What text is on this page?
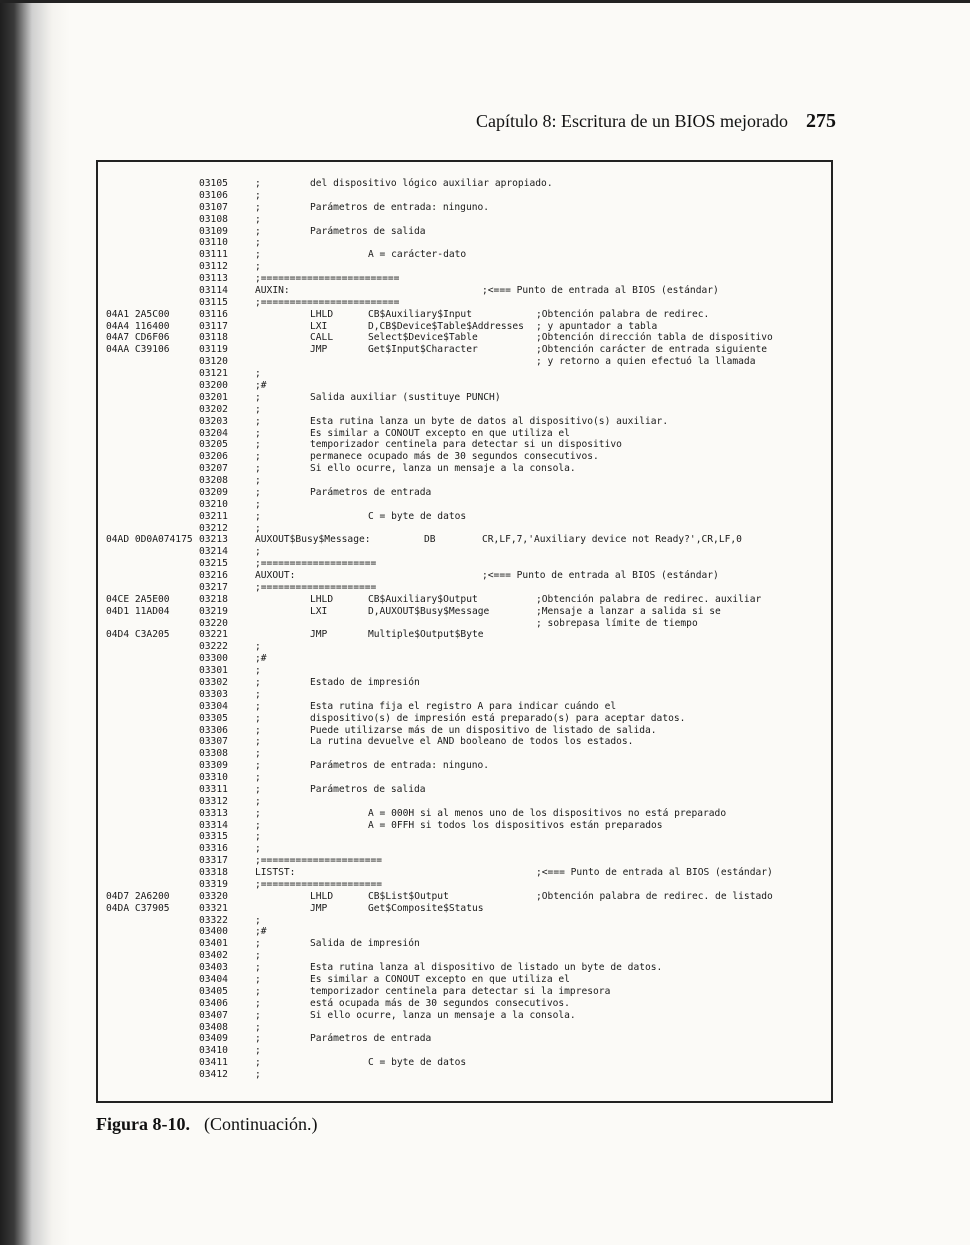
Capítulo 8: Escritura de un BIOS mejorado 275
03105	;	del dispositivo lógico auxiliar apropiado.
03106	;
03107	;	Parámetros de entrada: ninguno.
03108	;
03109	;	Parámetros de salida
03110	;
03111	;	A = carácter-dato
03112	;
03113	;========================
03114	AUXIN:	;<=== Punto de entrada al BIOS (estándar)
03115	;========================
04A1 2A5C00	03116	LHLD	CB$Auxiliary$Input	;Obtención palabra de redirec.
04A4 116400	03117	LXI	D,CB$Device$Table$Addresses ; y apuntador a tabla
04A7 CD6F06	03118	CALL	Select$Device$Table	;Obtención dirección tabla de dispositivo
04AA C39106	03119	JMP	Get$Input$Character	;Obtención carácter de entrada siguiente
03120	; y retorno a quien efectuó la llamada
03121	;
03200	;#
03201	;	Salida auxiliar (sustituye PUNCH)
03202	;
03203	;	Esta rutina lanza un byte de datos al dispositivo(s) auxiliar.
03204	;	Es similar a CONOUT excepto en que utiliza el
03205	;	temporizador centinela para detectar si un dispositivo
03206	;	permanece ocupado más de 30 segundos consecutivos.
03207	;	Si ello ocurre, lanza un mensaje a la consola.
03208	;
03209	;	Parámetros de entrada
03210	;
03211	;	C = byte de datos
03212	;
04AD 0D0A074175 03213	AUXOUT$Busy$Message:	DB	CR,LF,7,'Auxiliary device not Ready?',CR,LF,0
03214	;
03215	;====================
03216	AUXOUT:	;<=== Punto de entrada al BIOS (estándar)
03217	;====================
04CE 2A5E00	03218	LHLD	CB$Auxiliary$Output	;Obtención palabra de redirec. auxiliar
04D1 11AD04	03219	LXI	D,AUXOUT$Busy$Message	;Mensaje a lanzar a salida si se
03220	; sobrepasa límite de tiempo
04D4 C3A205	03221	JMP	Multiple$Output$Byte
03222	;
03300	;#
03301	;
03302	;	Estado de impresión
03303	;
03304	;	Esta rutina fija el registro A para indicar cuándo el
03305	;	dispositivo(s) de impresión está preparado(s) para aceptar datos.
03306	;	Puede utilizarse más de un dispositivo de listado de salida.
03307	;	La rutina devuelve el AND booleano de todos los estados.
03308	;
03309	;	Parámetros de entrada: ninguno.
03310	;
03311	;	Parámetros de salida
03312	;
03313	;	A = 000H si al menos uno de los dispositivos no está preparado
03314	;	A = 0FFH si todos los dispositivos están preparados
03315	;
03316	;
03317	;=====================
03318	LISTST:	;<=== Punto de entrada al BIOS (estándar)
03319	;=====================
04D7 2A6200	03320	LHLD	CB$List$Output	;Obtención palabra de redirec. de listado
04DA C37905	03321	JMP	Get$Composite$Status
03322	;
03400	;#
03401	;	Salida de impresión
03402	;
03403	;	Esta rutina lanza al dispositivo de listado un byte de datos.
03404	;	Es similar a CONOUT excepto en que utiliza el
03405	;	temporizador centinela para detectar si la impresora
03406	;	está ocupada más de 30 segundos consecutivos.
03407	;	Si ello ocurre, lanza un mensaje a la consola.
03408	;
03409	;	Parámetros de entrada
03410	;
03411	;	C = byte de datos
03412	;
Figura 8-10. (Continuación.)
